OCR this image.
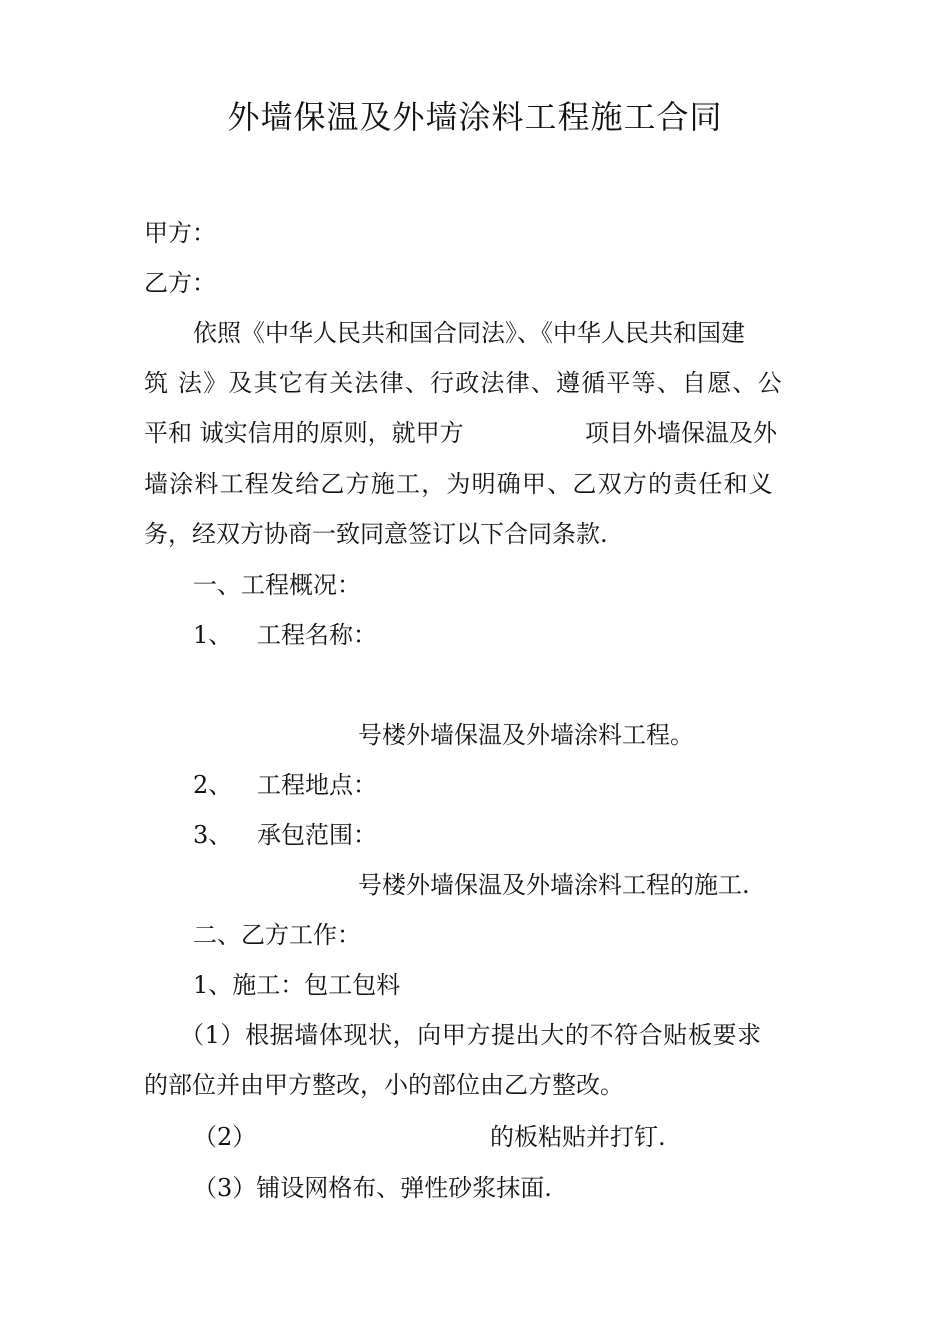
外墙保温及外墙涂料工程施工合同
甲方：
乙方：
依照《中华人民共和国合同法》、《中华人民共和国建
筑 法》及其它有关法律、行政法律、遵循平等、自愿、公
平和 诚实信用的原则，就甲方	项目外墙保温及外
墙涂料工程发给乙方施工，为明确甲、乙双方的责任和义
务，经双方协商一致同意签订以下合同条款.
一、工程概况：
1、 工程名称：
号楼外墙保温及外墙涂料工程。
2、 工程地点：
3、 承包范围：
号楼外墙保温及外墙涂料工程的施工.
二、乙方工作：
1、施工：包工包料
（1）根据墙体现状，向甲方提出大的不符合贴板要求
的部位并由甲方整改，小的部位由乙方整改。
（2）	的板粘贴并打钉.
（3）铺设网格布、弹性砂浆抹面.
